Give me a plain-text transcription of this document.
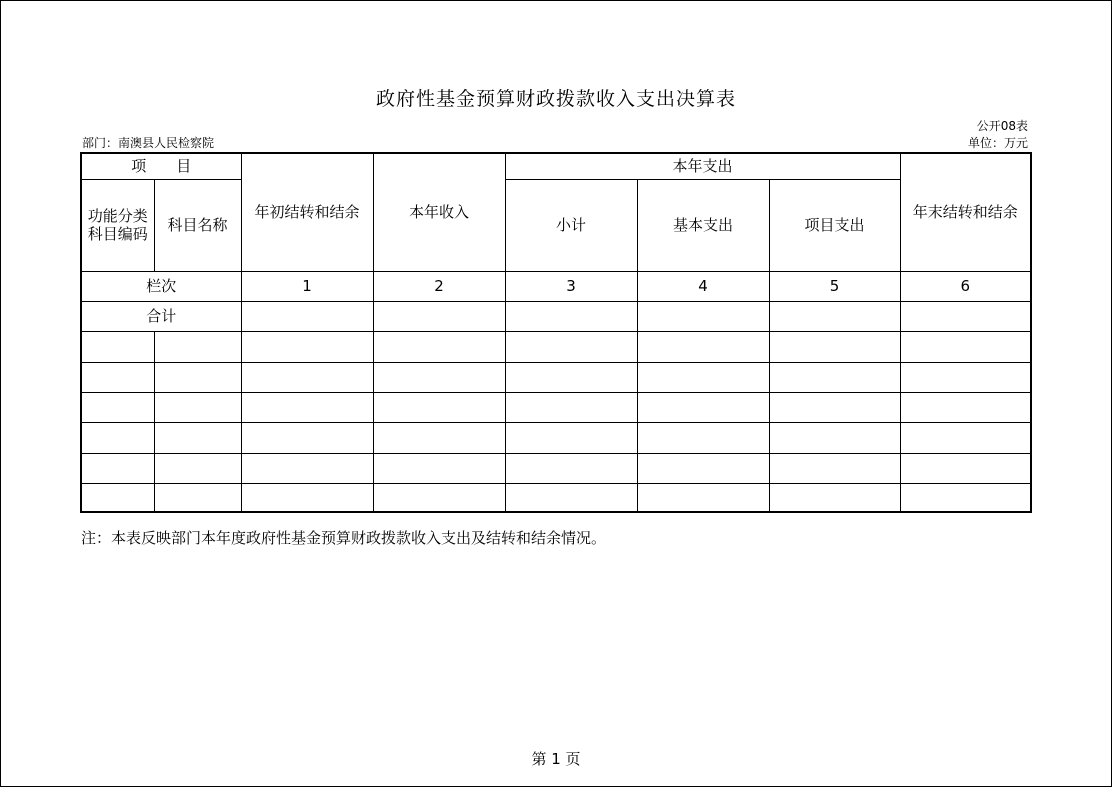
政府性基金预算财政拨款收入支出决算表
公开08表
单位：万元
部门：南澳县人民检察院
项　　目		年初结转和结余	本年收入	本年支出			年末结转和结余
功能分类
科目编码	科目名称			小计	基本支出	项目支出	
栏次		1	2	3	4	5	6
合计							

注：本表反映部门本年度政府性基金预算财政拨款收入支出及结转和结余情况。
第 1 页
